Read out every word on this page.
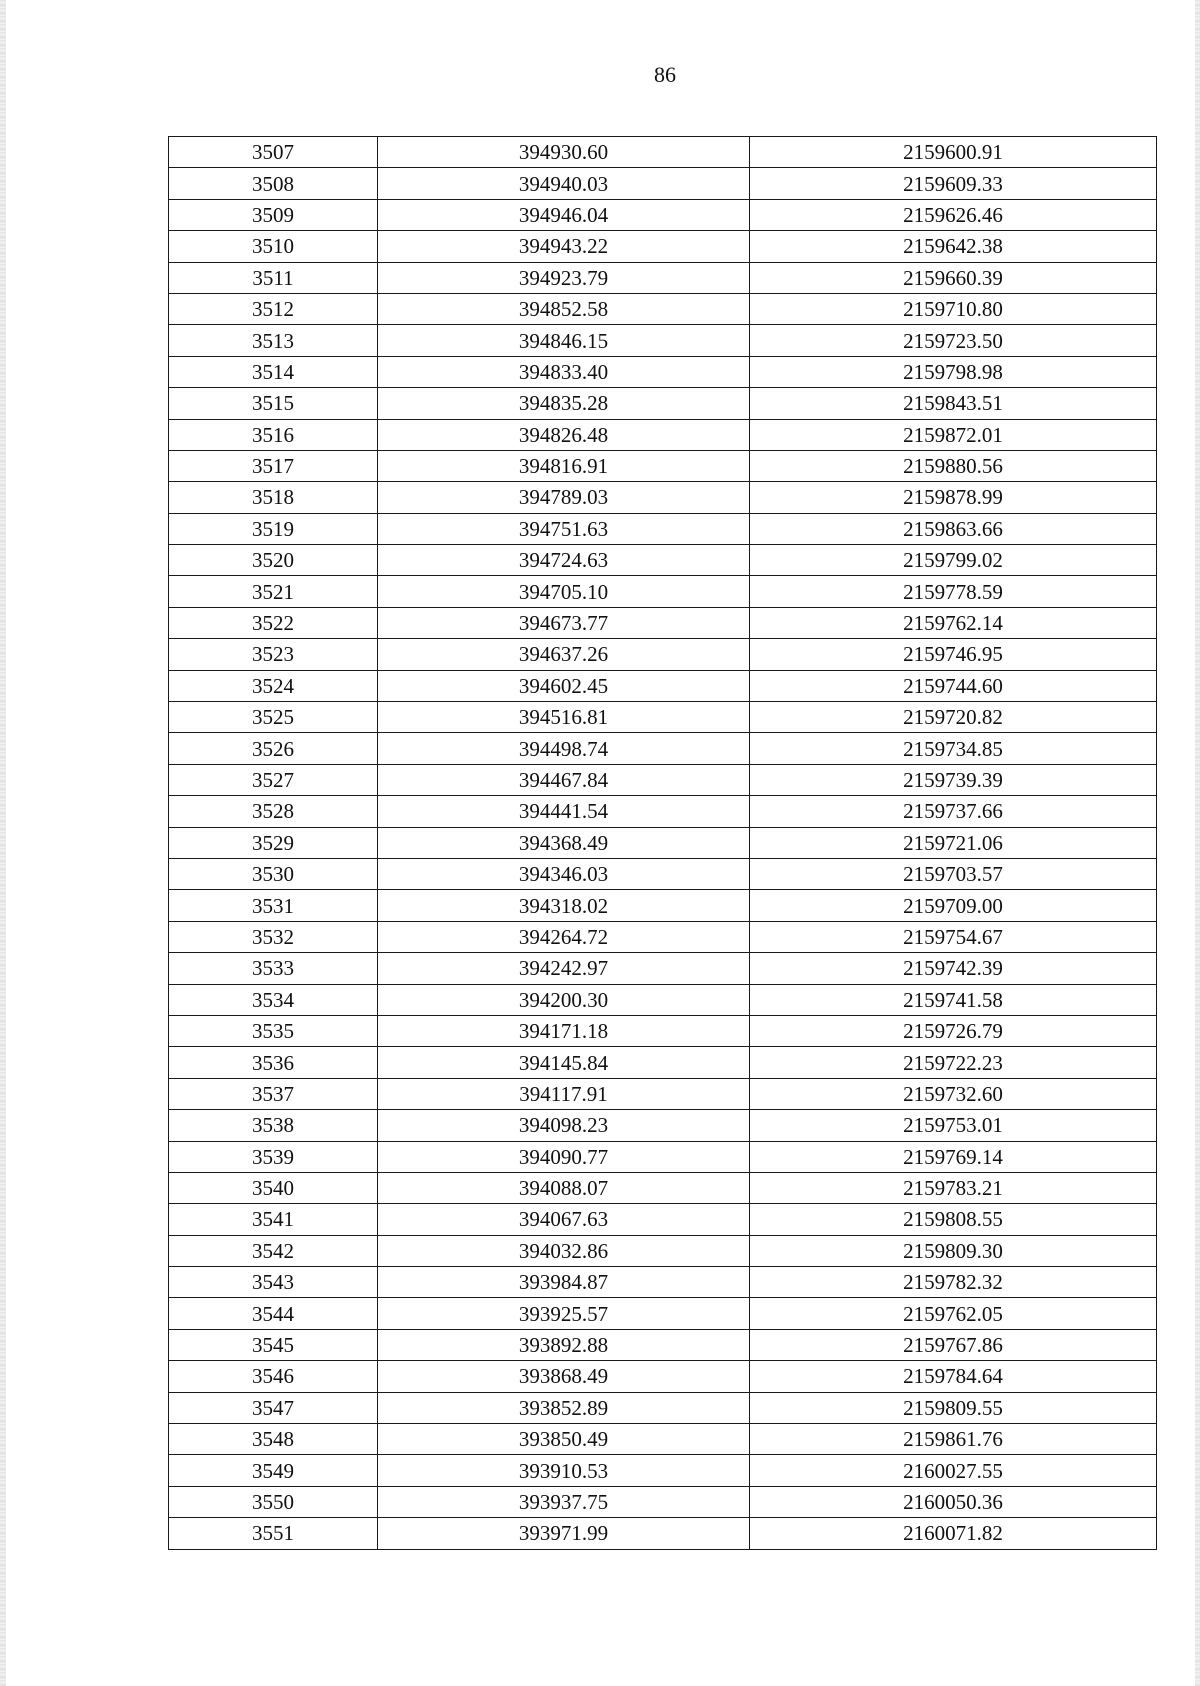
86
3507	394930.60	2159600.91
3508	394940.03	2159609.33
3509	394946.04	2159626.46
3510	394943.22	2159642.38
3511	394923.79	2159660.39
3512	394852.58	2159710.80
3513	394846.15	2159723.50
3514	394833.40	2159798.98
3515	394835.28	2159843.51
3516	394826.48	2159872.01
3517	394816.91	2159880.56
3518	394789.03	2159878.99
3519	394751.63	2159863.66
3520	394724.63	2159799.02
3521	394705.10	2159778.59
3522	394673.77	2159762.14
3523	394637.26	2159746.95
3524	394602.45	2159744.60
3525	394516.81	2159720.82
3526	394498.74	2159734.85
3527	394467.84	2159739.39
3528	394441.54	2159737.66
3529	394368.49	2159721.06
3530	394346.03	2159703.57
3531	394318.02	2159709.00
3532	394264.72	2159754.67
3533	394242.97	2159742.39
3534	394200.30	2159741.58
3535	394171.18	2159726.79
3536	394145.84	2159722.23
3537	394117.91	2159732.60
3538	394098.23	2159753.01
3539	394090.77	2159769.14
3540	394088.07	2159783.21
3541	394067.63	2159808.55
3542	394032.86	2159809.30
3543	393984.87	2159782.32
3544	393925.57	2159762.05
3545	393892.88	2159767.86
3546	393868.49	2159784.64
3547	393852.89	2159809.55
3548	393850.49	2159861.76
3549	393910.53	2160027.55
3550	393937.75	2160050.36
3551	393971.99	2160071.82
